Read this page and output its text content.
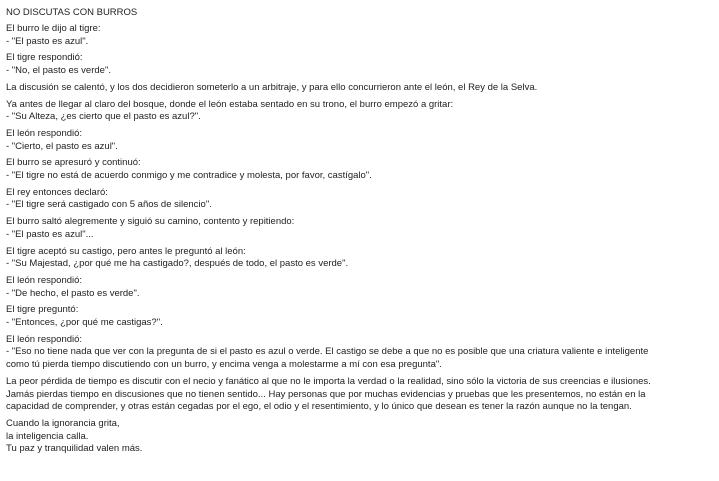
NO DISCUTAS CON BURROS
El burro le dijo al tigre:
- "El pasto es azul".
El tigre respondió:
- "No, el pasto es verde".
La discusión se calentó, y los dos decidieron someterlo a un arbitraje, y para ello concurrieron ante el león, el Rey de la Selva.
Ya antes de llegar al claro del bosque, donde el león estaba sentado en su trono, el burro empezó a gritar:
- "Su Alteza, ¿es cierto que el pasto es azul?".
El león respondió:
- "Cierto, el pasto es azul".
El burro se apresuró y continuó:
- "El tigre no está de acuerdo conmigo y me contradice y molesta, por favor, castígalo".
El rey entonces declaró:
- "El tigre será castigado con 5 años de silencio".
El burro saltó alegremente y siguió su camino, contento y repitiendo:
- "El pasto es azul"...
El tigre aceptó su castigo, pero antes le preguntó al león:
- "Su Majestad, ¿por qué me ha castigado?, después de todo, el pasto es verde".
El león respondió:
- "De hecho, el pasto es verde".
El tigre preguntó:
- "Entonces, ¿por qué me castigas?".
El león respondió:
- "Eso no tiene nada que ver con la pregunta de si el pasto es azul o verde. El castigo se debe a que no es posible que una criatura valiente e inteligente
como tú pierda tiempo discutiendo con un burro, y encima venga a molestarme a mí con esa pregunta".
La peor pérdida de tiempo es discutir con el necio y fanático al que no le importa la verdad o la realidad, sino sólo la victoria de sus creencias e ilusiones.
Jamás pierdas tiempo en discusiones que no tienen sentido... Hay personas que por muchas evidencias y pruebas que les presentemos, no están en la
capacidad de comprender, y otras están cegadas por el ego, el odio y el resentimiento, y lo único que desean es tener la razón aunque no la tengan.
Cuando la ignorancia grita,
la inteligencia calla.
Tu paz y tranquilidad valen más.
